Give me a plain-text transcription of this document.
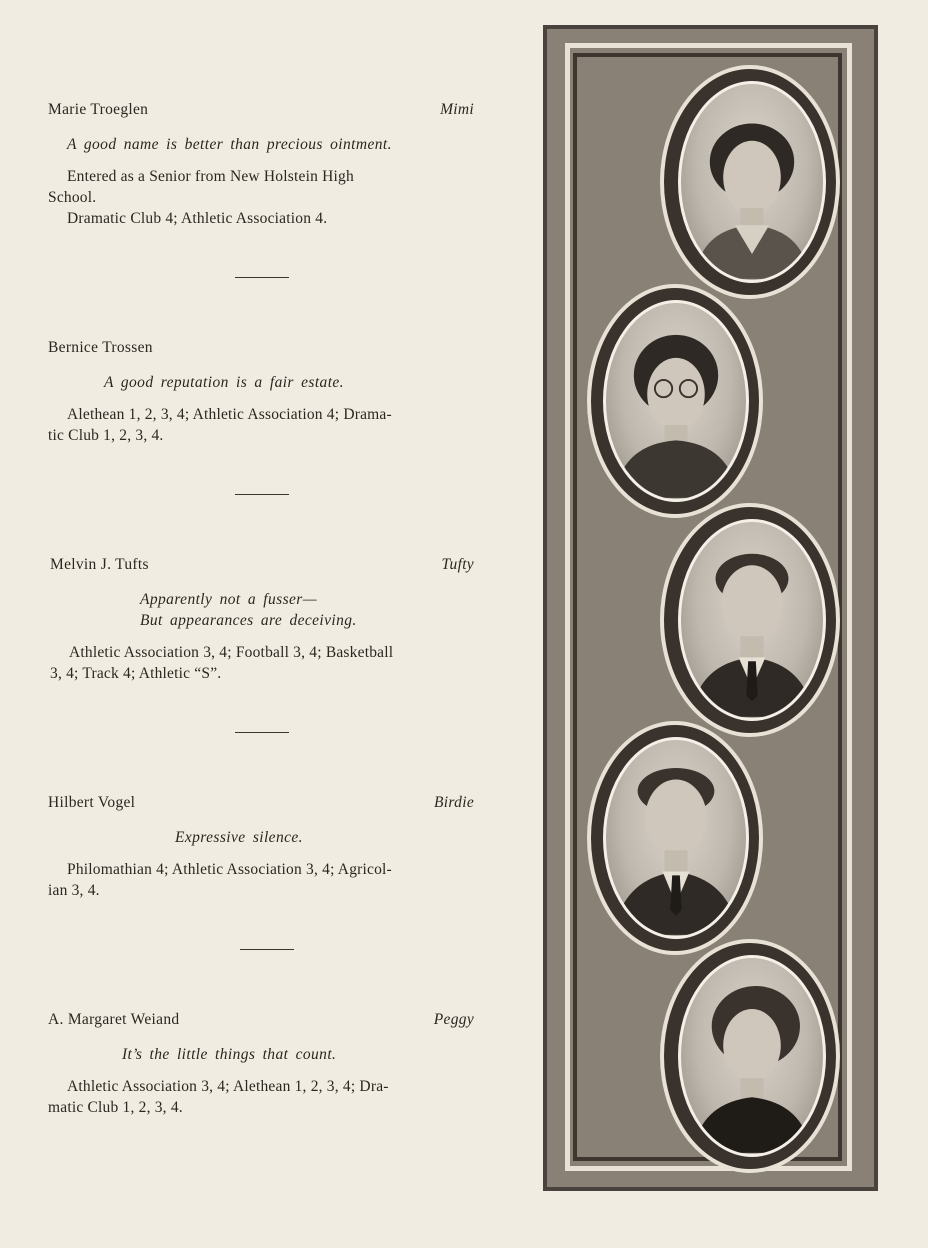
Marie Troeglen	Mimi
A good name is better than precious ointment.
Entered as a Senior from New Holstein High
School.
Dramatic Club 4; Athletic Association 4.
Bernice Trossen
A good reputation is a fair estate.
Alethean 1, 2, 3, 4; Athletic Association 4; Drama-
tic Club 1, 2, 3, 4.
Melvin J. Tufts	Tufty
Apparently not a fusser—
But appearances are deceiving.
Athletic Association 3, 4; Football 3, 4; Basketball
3, 4; Track 4; Athletic “S”.
Hilbert Vogel	Birdie
Expressive silence.
Philomathian 4; Athletic Association 3, 4; Agricol-
ian 3, 4.
A. Margaret Weiand	Peggy
It’s the little things that count.
Athletic Association 3, 4; Alethean 1, 2, 3, 4; Dra-
matic Club 1, 2, 3, 4.
